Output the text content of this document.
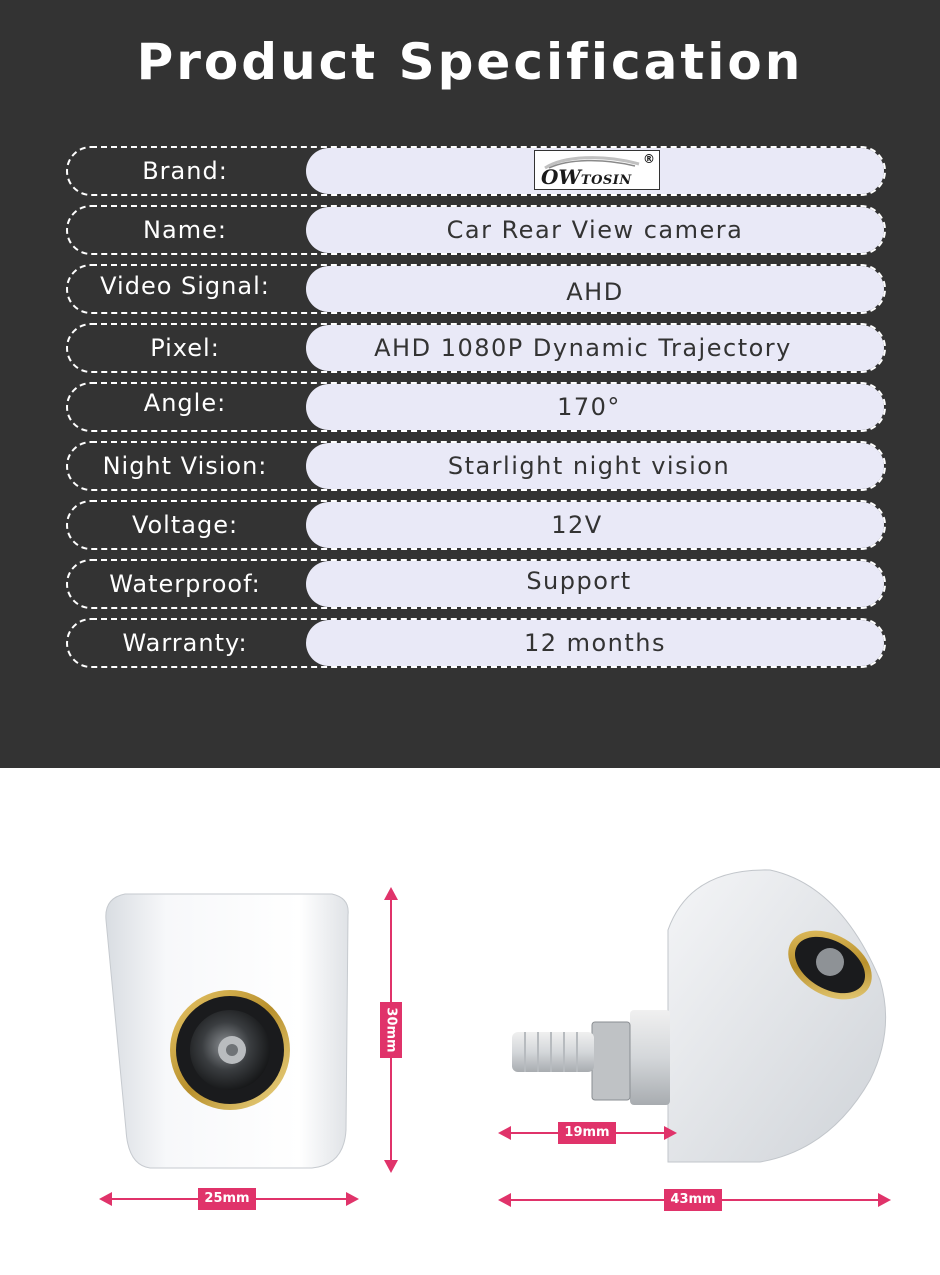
Product Specification
Brand:	OWTOSIN
®
Name:	Car Rear View camera
Video Signal:	AHD
Pixel:	AHD 1080P Dynamic Trajectory
Angle:	170°
Night Vision:	Starlight night vision
Voltage:	12V
Waterproof:	Support
Warranty:	12 months
30mm
25mm
19mm
43mm
